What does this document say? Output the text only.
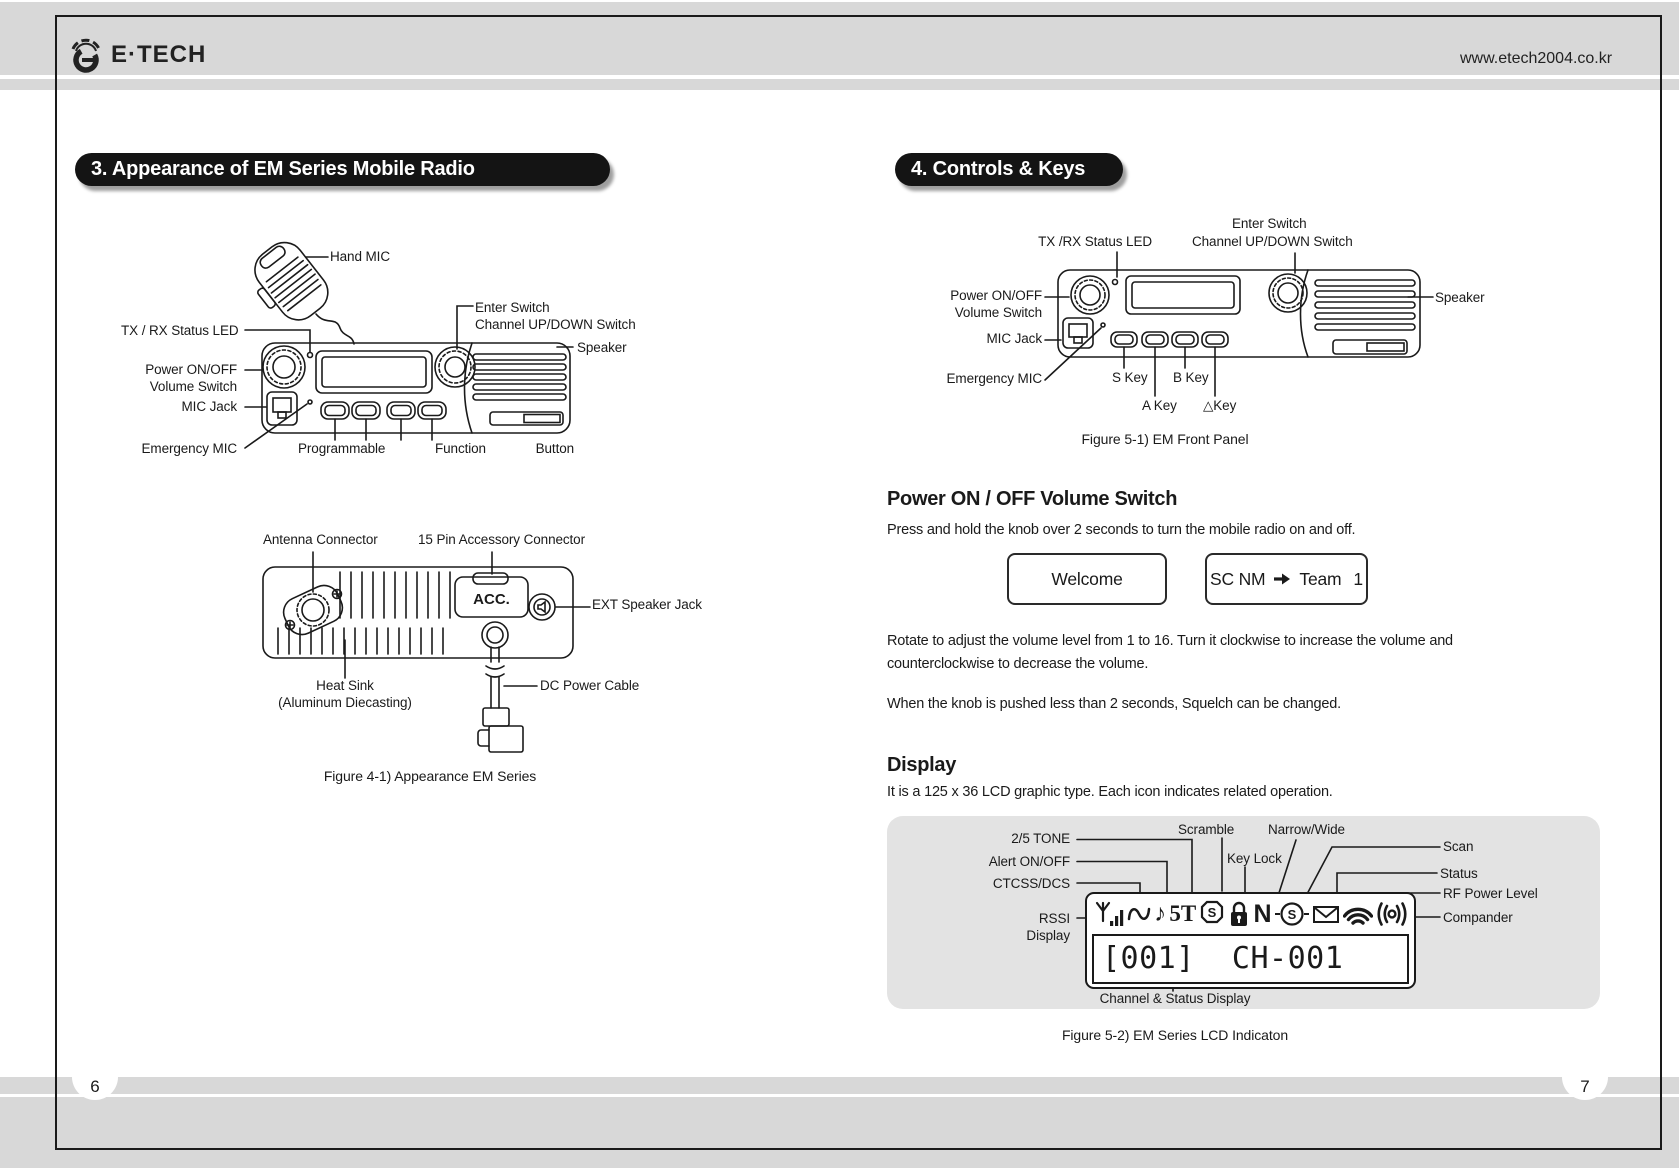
E·TECH	www.etech2004.co.kr
3. Appearance of EM Series Mobile Radio	4. Controls & Keys
S	A	B	▲
Hand MIC
TX / RX Status LED
Enter Switch
Channel UP/DOWN Switch
Power ON/OFF
Volume Switch
Speaker
MIC Jack
Emergency MIC	Programmable Function Button
Antenna Connector	15 Pin Accessory Connector
ACC.	EXT Speaker Jack
Heat Sink
(Aluminum Diecasting)
DC Power Cable
Figure 4-1) Appearance EM Series
S	A	B	▲
Enter Switch
Channel UP/DOWN Switch
TX /RX Status LED
Power ON/OFF
Volume Switch
MIC Jack
Emergency MIC	S Key B Key
A Key △Key
Speaker
Figure 5-1) EM Front Panel
Power ON / OFF Volume Switch
Press and hold the knob over 2 seconds to turn the mobile radio on and off.
Welcome	SC NM Team 1
Rotate to adjust the volume level from 1 to 16. Turn it clockwise to increase the volume and
counterclockwise to decrease the volume.
When the knob is pushed less than 2 seconds, Squelch can be changed.
Display
It is a 125 x 36 LCD graphic type. Each icon indicates related operation.
♪ 5T S N S
[001]  CH-001
2/5 TONE
Alert ON/OFF
CTCSS/DCS
RSSI
Display
Scramble
Key Lock
Narrow/Wide
Scan
Status
RF Power Level
Compander
Channel & Status Display
Figure 5-2) EM Series LCD Indicaton
6	7
